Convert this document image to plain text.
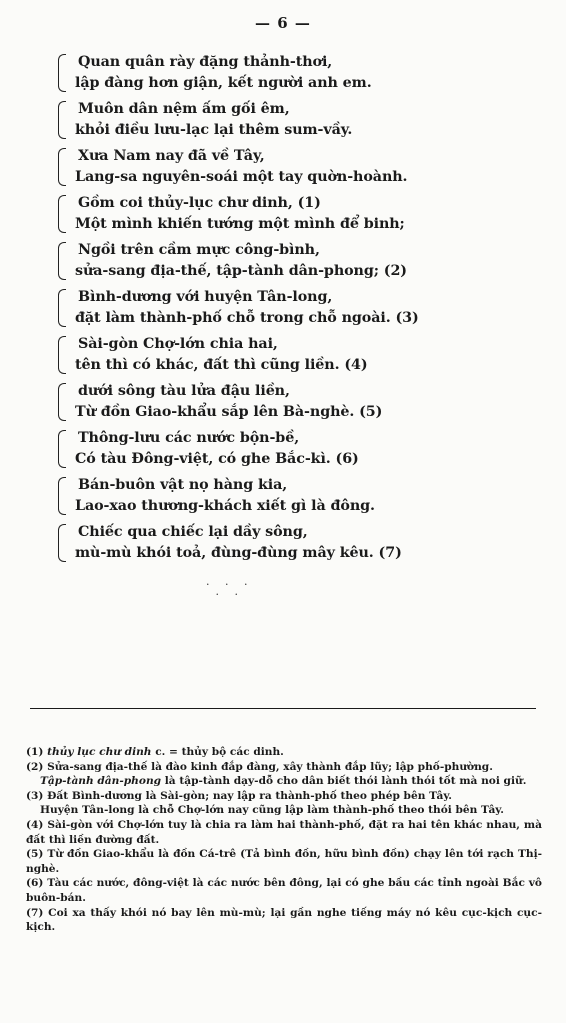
— 6 —
Quan quân rày đặng thảnh-thơi,
lập đàng hơn giận, kết người anh em.
Muôn dân nệm ấm gối êm,
khỏi điều lưu-lạc lại thêm sum-vầy.
Xưa Nam nay đã về Tây,
Lang-sa nguyên-soái một tay quờn-hoành.
Gồm coi thủy-lục chư dinh, (1)
Một mình khiến tướng một mình để binh;
Ngồi trên cầm mực công-bình,
sửa-sang địa-thế, tập-tành dân-phong; (2)
Bình-dương với huyện Tân-long,
đặt làm thành-phố chỗ trong chỗ ngoài. (3)
Sài-gòn Chợ-lớn chia hai,
tên thì có khác, đất thì cũng liền. (4)
dưới sông tàu lửa đậu liền,
Từ đồn Giao-khẩu sắp lên Bà-nghè. (5)
Thông-lưu các nước bộn-bề,
Có tàu Đông-việt, có ghe Bắc-kì. (6)
Bán-buôn vật nọ hàng kia,
Lao-xao thương-khách xiết gì là đông.
Chiếc qua chiếc lại dầy sông,
mù-mù khói toả, đùng-đùng mây kêu. (7)
. . .
. .
(1) thủy lục chư dinh c. = thủy bộ các dinh.
(2) Sửa-sang địa-thế là đào kinh đắp đàng, xây thành đắp lũy; lập phố-phường.
Tập-tành dân-phong là tập-tành dạy-dỗ cho dân biết thói lành thói tốt mà noi giữ.
(3) Đất Bình-dương là Sài-gòn; nay lập ra thành-phố theo phép bên Tây.
Huyện Tân-long là chỗ Chợ-lớn nay cũng lập làm thành-phố theo thói bên Tây.
(4) Sài-gòn với Chợ-lớn tuy là chia ra làm hai thành-phố, đặt ra hai tên khác nhau, mà đất thì liền đường đất.
(5) Từ đồn Giao-khẩu là đồn Cá-trê (Tả bình đồn, hữu bình đồn) chạy lên tới rạch Thị-nghè.
(6) Tàu các nước, đông-việt là các nước bên đông, lại có ghe bầu các tỉnh ngoài Bắc vô buôn-bán.
(7) Coi xa thấy khói nó bay lên mù-mù; lại gần nghe tiếng máy nó kêu cục-kịch cục-kịch.
